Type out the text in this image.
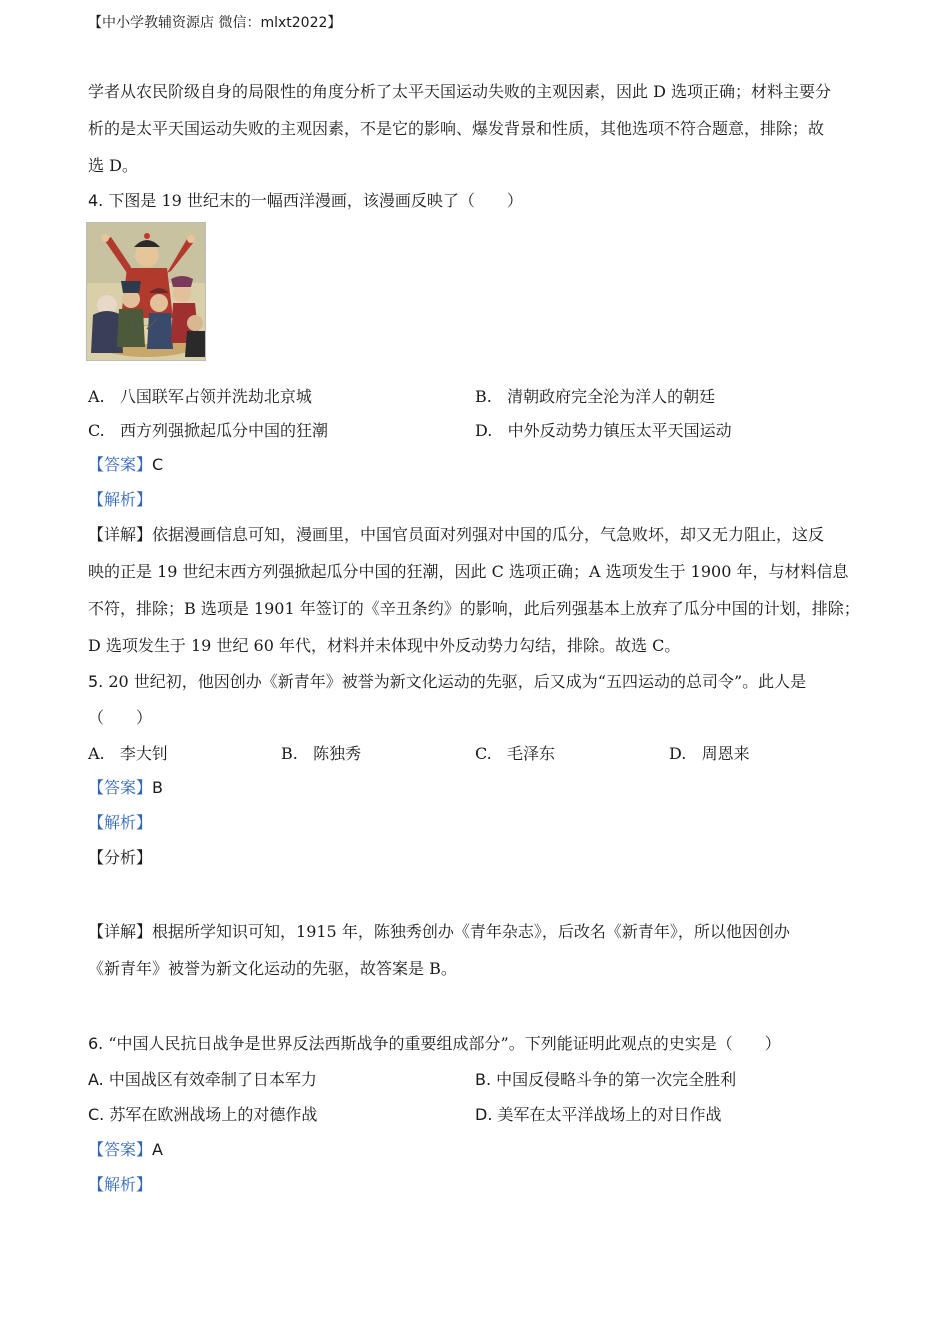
【中小学教辅资源店 微信：mlxt2022】
学者从农民阶级自身的局限性的角度分析了太平天国运动失败的主观因素，因此 D 选项正确；材料主要分
析的是太平天国运动失败的主观因素，不是它的影响、爆发背景和性质，其他选项不符合题意，排除；故
选 D。
4. 下图是 19 世纪末的一幅西洋漫画，该漫画反映了（　　）
A. 八国联军占领并洗劫北京城	B. 清朝政府完全沦为洋人的朝廷
C. 西方列强掀起瓜分中国的狂潮	D. 中外反动势力镇压太平天国运动
【答案】C
【解析】
【详解】依据漫画信息可知，漫画里，中国官员面对列强对中国的瓜分，气急败坏，却又无力阻止，这反
映的正是 19 世纪末西方列强掀起瓜分中国的狂潮，因此 C 选项正确；A 选项发生于 1900 年，与材料信息
不符，排除；B 选项是 1901 年签订的《辛丑条约》的影响，此后列强基本上放弃了瓜分中国的计划，排除；
D 选项发生于 19 世纪 60 年代，材料并未体现中外反动势力勾结，排除。故选 C。
5. 20 世纪初，他因创办《新青年》被誉为新文化运动的先驱，后又成为“五四运动的总司令”。此人是
（　　）
A. 李大钊	B. 陈独秀	C. 毛泽东	D. 周恩来
【答案】B
【解析】
【分析】
【详解】根据所学知识可知，1915 年，陈独秀创办《青年杂志》，后改名《新青年》，所以他因创办
《新青年》被誉为新文化运动的先驱，故答案是 B。
6. “中国人民抗日战争是世界反法西斯战争的重要组成部分”。下列能证明此观点的史实是（　　）
A. 中国战区有效牵制了日本军力	B. 中国反侵略斗争的第一次完全胜利
C. 苏军在欧洲战场上的对德作战	D. 美军在太平洋战场上的对日作战
【答案】A
【解析】
